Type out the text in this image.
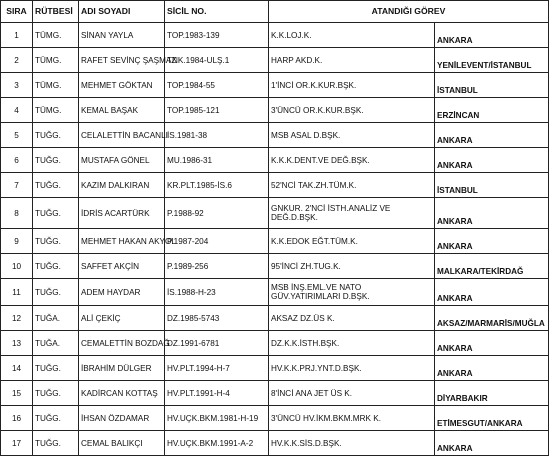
SIRA	RÜTBESİ	ADI SOYADI	SİCİL NO.	ATANDIĞI GÖREV	
1	TÜMG.	SİNAN YAYLA	TOP.1983-139	K.K.LOJ.K.	ANKARA
2	TÜMG.	RAFET SEVİNÇ ŞAŞMAZ	TNK.1984-ULŞ.1	HARP AKD.K.	YENİLEVENT/İSTANBUL
3	TÜMG.	MEHMET GÖKTAN	TOP.1984-55	1'İNCİ OR.K.KUR.BŞK.	İSTANBUL
4	TÜMG.	KEMAL BAŞAK	TOP.1985-121	3'ÜNCÜ OR.K.KUR.BŞK.	ERZİNCAN
5	TUĞG.	CELALETTİN BACANLI	İS.1981-38	MSB ASAL D.BŞK.	ANKARA
6	TUĞG.	MUSTAFA GÖNEL	MU.1986-31	K.K.K.DENT.VE DEĞ.BŞK.	ANKARA
7	TUĞG.	KAZIM DALKIRAN	KR.PLT.1985-İS.6	52'NCİ TAK.ZH.TÜM.K.	İSTANBUL
8	TUĞG.	İDRİS ACARTÜRK	P.1988-92	GNKUR. 2'NCİ İSTH.ANALİZ VE DEĞ.D.BŞK.	ANKARA
9	TUĞG.	MEHMET HAKAN AKYOL	P.1987-204	K.K.EDOK EĞT.TÜM.K.	ANKARA
10	TUĞG.	SAFFET AKÇİN	P.1989-256	95'İNCİ ZH.TUG.K.	MALKARA/TEKİRDAĞ
11	TUĞG.	ADEM HAYDAR	İS.1988-H-23	MSB İNŞ.EML.VE NATO GÜV.YATIRIMLARI D.BŞK.	ANKARA
12	TUĞA.	ALİ ÇEKİÇ	DZ.1985-5743	AKSAZ DZ.ÜS K.	AKSAZ/MARMARİS/MUĞLA
13	TUĞA.	CEMALETTİN BOZDAĞ	DZ.1991-6781	DZ.K.K.İSTH.BŞK.	ANKARA
14	TUĞG.	İBRAHİM DÜLGER	HV.PLT.1994-H-7	HV.K.K.PRJ.YNT.D.BŞK.	ANKARA
15	TUĞG.	KADİRCAN KOTTAŞ	HV.PLT.1991-H-4	8'İNCİ ANA JET ÜS K.	DİYARBAKIR
16	TUĞG.	İHSAN ÖZDAMAR	HV.UÇK.BKM.1981-H-19	3'ÜNCÜ HV.İKM.BKM.MRK K.	ETİMESGUT/ANKARA
17	TUĞG.	CEMAL BALIKÇI	HV.UÇK.BKM.1991-A-2	HV.K.K.SİS.D.BŞK.	ANKARA
